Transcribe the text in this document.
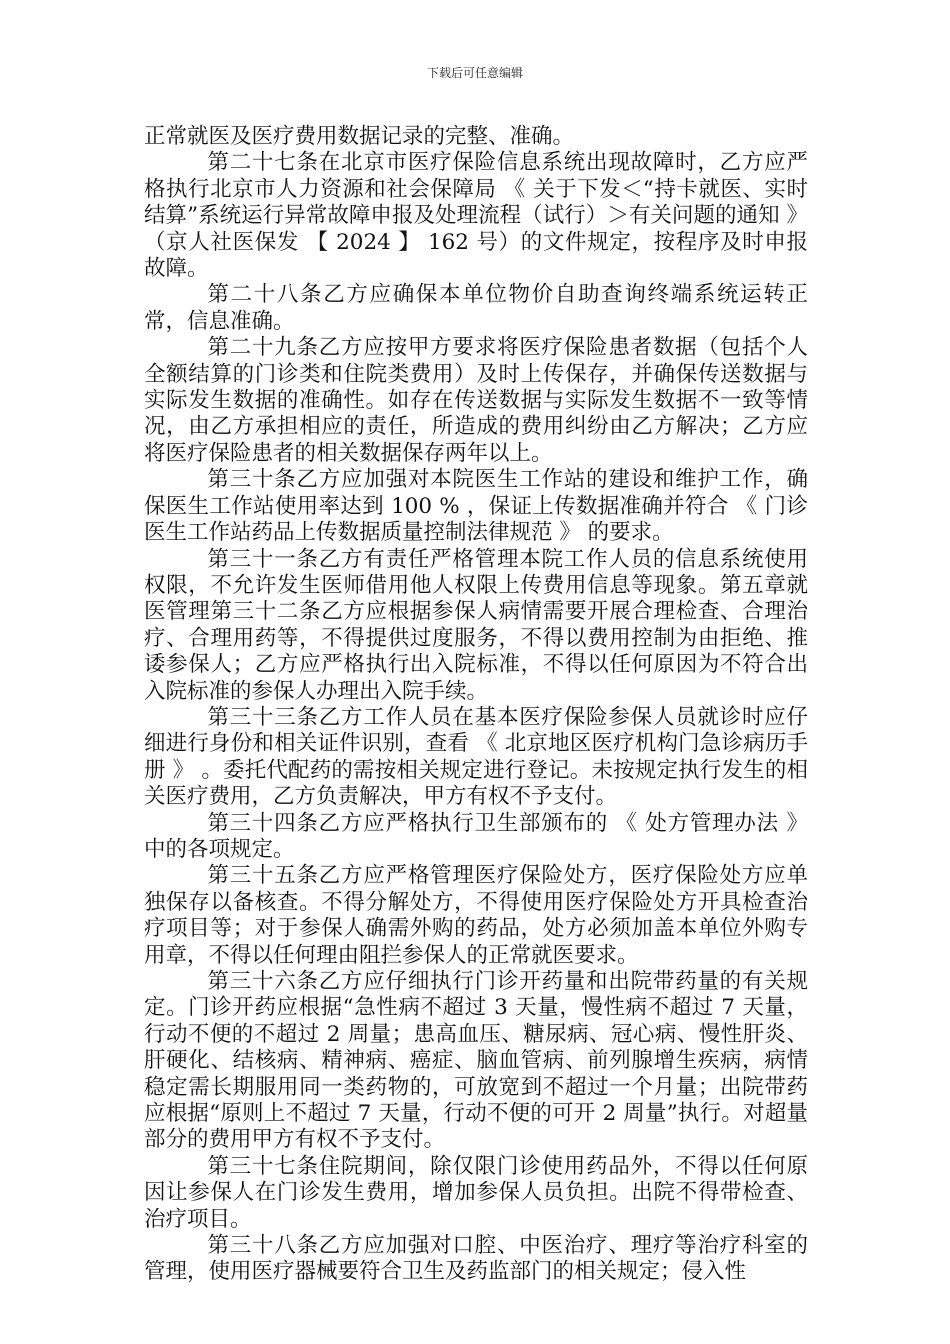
下载后可任意编辑

正常就医及医疗费用数据记录的完整、准确。

第二十七条在北京市医疗保险信息系统出现故障时，乙方应严格执行北京市人力资源和社会保障局 《 关于下发＜“持卡就医、实时结算”系统运行异常故障申报及处理流程（试行）＞有关问题的通知 》 （京人社医保发 【 2024 】 162 号）的文件规定，按程序及时申报故障。

第二十八条乙方应确保本单位物价自助查询终端系统运转正常，信息准确。

第二十九条乙方应按甲方要求将医疗保险患者数据（包括个人全额结算的门诊类和住院类费用）及时上传保存，并确保传送数据与实际发生数据的准确性。如存在传送数据与实际发生数据不一致等情况，由乙方承担相应的责任，所造成的费用纠纷由乙方解决；乙方应将医疗保险患者的相关数据保存两年以上。

第三十条乙方应加强对本院医生工作站的建设和维护工作，确保医生工作站使用率达到 100 % ，保证上传数据准确并符合 《 门诊医生工作站药品上传数据质量控制法律规范 》 的要求。

第三十一条乙方有责任严格管理本院工作人员的信息系统使用权限，不允许发生医师借用他人权限上传费用信息等现象。第五章就医管理第三十二条乙方应根据参保人病情需要开展合理检查、合理治疗、合理用药等，不得提供过度服务，不得以费用控制为由拒绝、推诿参保人；乙方应严格执行出入院标准，不得以任何原因为不符合出入院标准的参保人办理出入院手续。

第三十三条乙方工作人员在基本医疗保险参保人员就诊时应仔细进行身份和相关证件识别，查看 《 北京地区医疗机构门急诊病历手册 》 。委托代配药的需按相关规定进行登记。未按规定执行发生的相关医疗费用，乙方负责解决，甲方有权不予支付。

第三十四条乙方应严格执行卫生部颁布的 《 处方管理办法 》 中的各项规定。

第三十五条乙方应严格管理医疗保险处方，医疗保险处方应单独保存以备核查。不得分解处方，不得使用医疗保险处方开具检查治疗项目等；对于参保人确需外购的药品，处方必须加盖本单位外购专用章，不得以任何理由阻拦参保人的正常就医要求。

第三十六条乙方应仔细执行门诊开药量和出院带药量的有关规定。门诊开药应根据“急性病不超过 3 天量，慢性病不超过 7 天量，行动不便的不超过 2 周量；患高血压、糖尿病、冠心病、慢性肝炎、肝硬化、结核病、精神病、癌症、脑血管病、前列腺增生疾病，病情稳定需长期服用同一类药物的，可放宽到不超过一个月量；出院带药应根据“原则上不超过 7 天量，行动不便的可开 2 周量”执行。对超量部分的费用甲方有权不予支付。

第三十七条住院期间，除仅限门诊使用药品外，不得以任何原因让参保人在门诊发生费用，增加参保人员负担。出院不得带检查、治疗项目。

第三十八条乙方应加强对口腔、中医治疗、理疗等治疗科室的管理，使用医疗器械要符合卫生及药监部门的相关规定；侵入性
